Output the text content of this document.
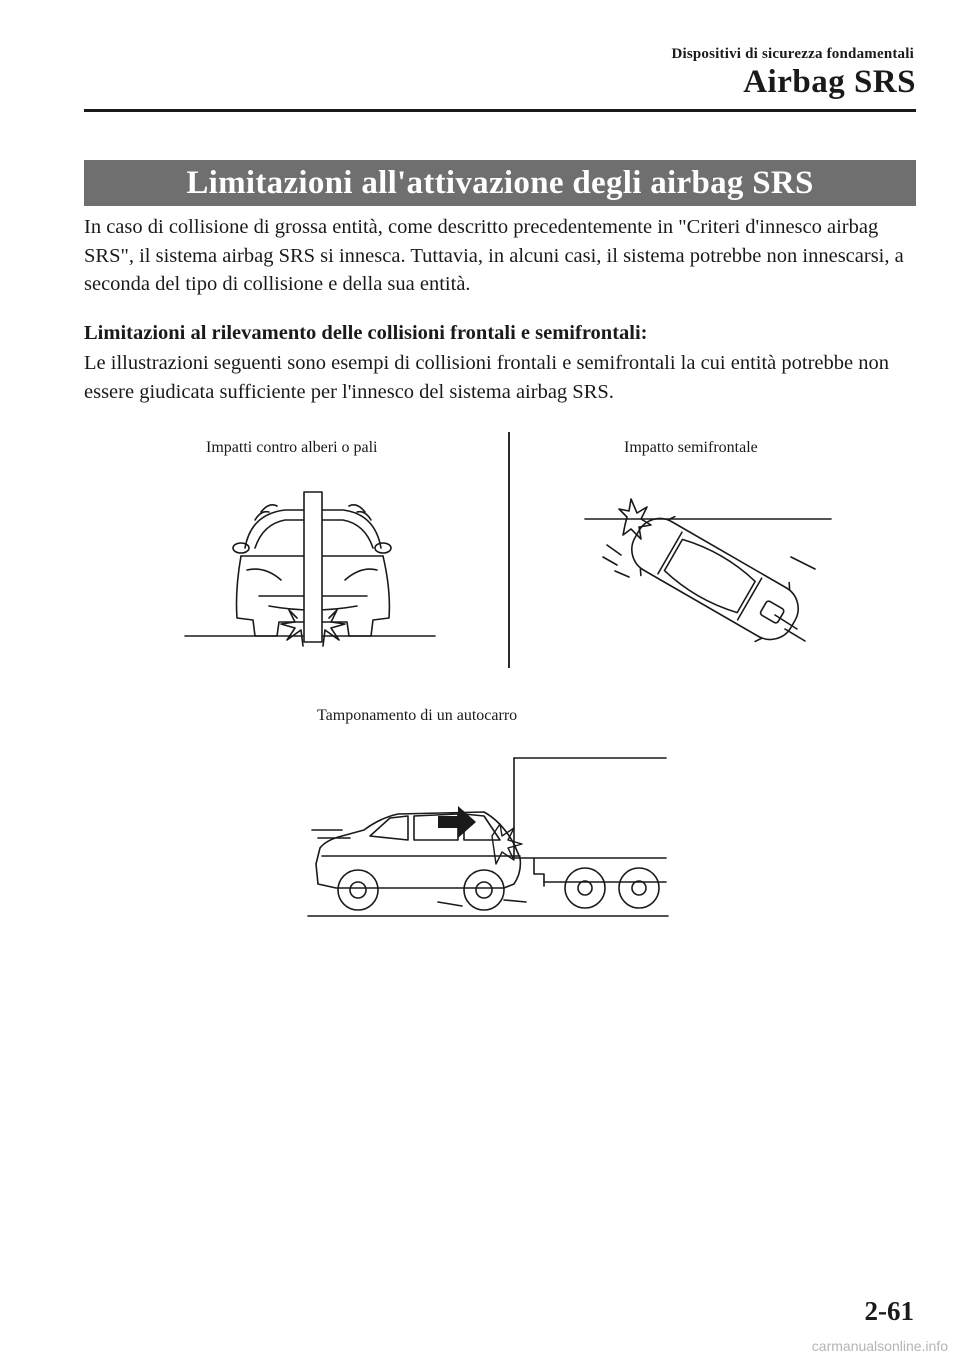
Dispositivi di sicurezza fondamentali
Airbag SRS
Limitazioni all'attivazione degli airbag SRS
In caso di collisione di grossa entità, come descritto precedentemente in "Criteri d'innesco airbag SRS", il sistema airbag SRS si innesca. Tuttavia, in alcuni casi, il sistema potrebbe non innescarsi, a seconda del tipo di collisione e della sua entità.
Limitazioni al rilevamento delle collisioni frontali e semifrontali:
Le illustrazioni seguenti sono esempi di collisioni frontali e semifrontali la cui entità potrebbe non essere giudicata sufficiente per l'innesco del sistema airbag SRS.
Impatti contro alberi o pali	Impatto semifrontale
Tamponamento di un autocarro
2-61
carmanualsonline.info
